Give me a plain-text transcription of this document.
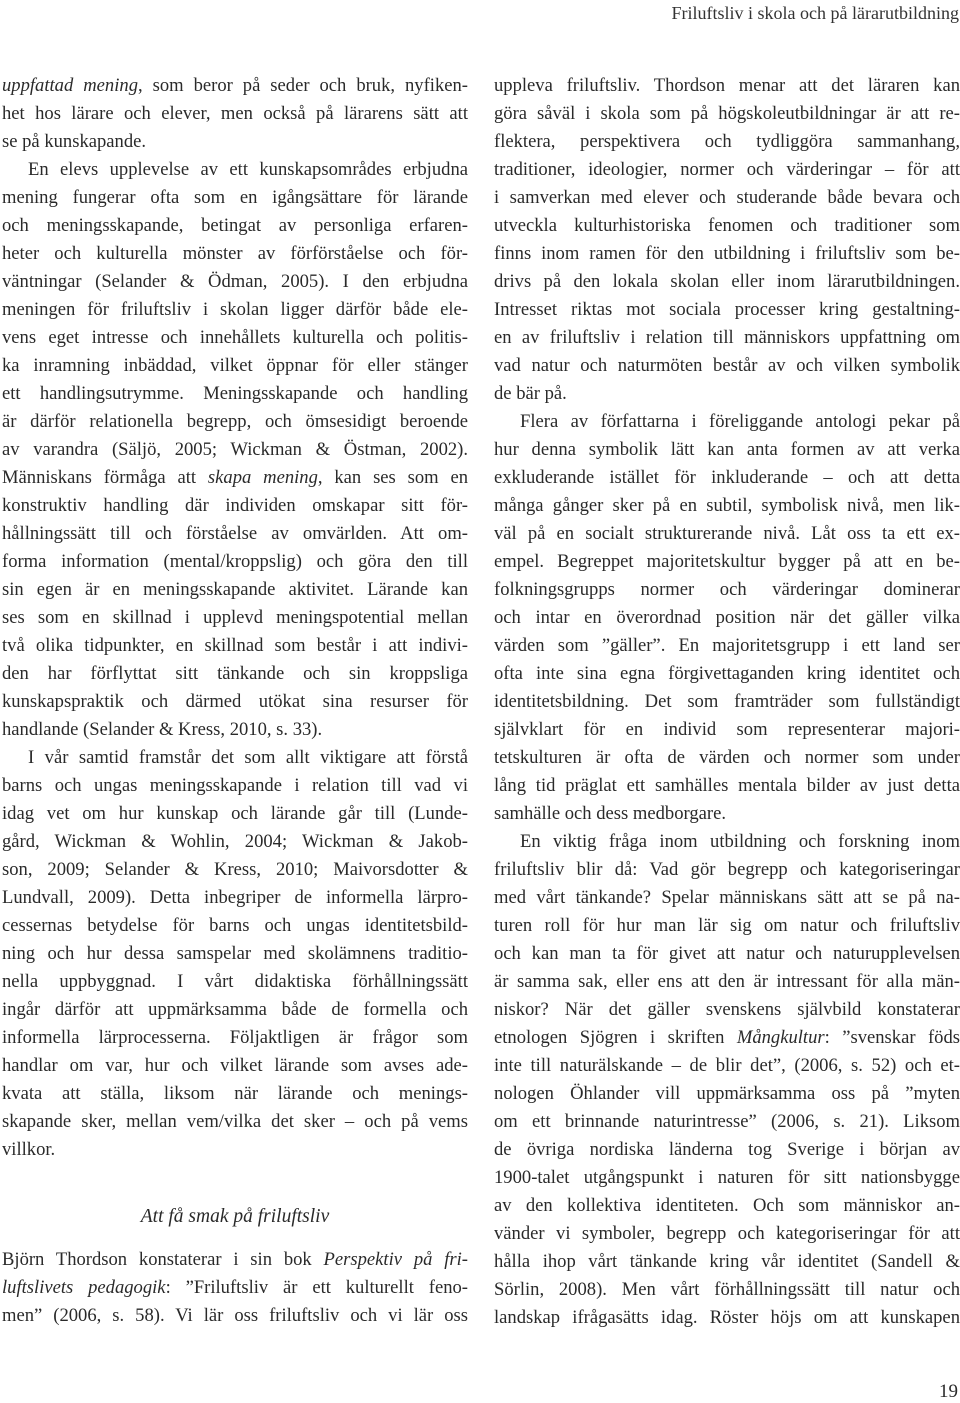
Friluftsliv i skola och på lärarutbildning
uppfattad mening, som beror på seder och bruk, nyfiken-
het hos lärare och elever, men också på lärarens sätt att
se på kunskapande.
En elevs upplevelse av ett kunskapsområdes erbjudna
mening fungerar ofta som en igångsättare för lärande
och meningsskapande, betingat av personliga erfaren-
heter och kulturella mönster av förförståelse och för-
väntningar (Selander & Ödman, 2005). I den erbjudna
meningen för friluftsliv i skolan ligger därför både ele-
vens eget intresse och innehållets kulturella och politis-
ka inramning inbäddad, vilket öppnar för eller stänger
ett handlingsutrymme. Meningsskapande och handling
är därför relationella begrepp, och ömsesidigt beroende
av varandra (Säljö, 2005; Wickman & Östman, 2002).
Människans förmåga att skapa mening, kan ses som en
konstruktiv handling där individen omskapar sitt för-
hållningssätt till och förståelse av omvärlden. Att om-
forma information (mental/kroppslig) och göra den till
sin egen är en meningsskapande aktivitet. Lärande kan
ses som en skillnad i upplevd meningspotential mellan
två olika tidpunkter, en skillnad som består i att indivi-
den har förflyttat sitt tänkande och sin kroppsliga
kunskapspraktik och därmed utökat sina resurser för
handlande (Selander & Kress, 2010, s. 33).
I vår samtid framstår det som allt viktigare att förstå
barns och ungas meningsskapande i relation till vad vi
idag vet om hur kunskap och lärande går till (Lunde-
gård, Wickman & Wohlin, 2004; Wickman & Jakob-
son, 2009; Selander & Kress, 2010; Maivorsdotter &
Lundvall, 2009). Detta inbegriper de informella lärpro-
cessernas betydelse för barns och ungas identitetsbild-
ning och hur dessa samspelar med skolämnens traditio-
nella uppbyggnad. I vårt didaktiska förhållningssätt
ingår därför att uppmärksamma både de formella och
informella lärprocesserna. Följaktligen är frågor som
handlar om var, hur och vilket lärande som avses ade-
kvata att ställa, liksom när lärande och menings-
skapande sker, mellan vem/vilka det sker – och på vems
villkor.
Att få smak på friluftsliv
Björn Thordson konstaterar i sin bok Perspektiv på fri-
luftslivets pedagogik: ”Friluftsliv är ett kulturellt feno-
men” (2006, s. 58). Vi lär oss friluftsliv och vi lär oss
uppleva friluftsliv. Thordson menar att det läraren kan
göra såväl i skola som på högskoleutbildningar är att re-
flektera, perspektivera och tydliggöra sammanhang,
traditioner, ideologier, normer och värderingar – för att
i samverkan med elever och studerande både bevara och
utveckla kulturhistoriska fenomen och traditioner som
finns inom ramen för den utbildning i friluftsliv som be-
drivs på den lokala skolan eller inom lärarutbildningen.
Intresset riktas mot sociala processer kring gestaltning-
en av friluftsliv i relation till människors uppfattning om
vad natur och naturmöten består av och vilken symbolik
de bär på.
Flera av författarna i föreliggande antologi pekar på
hur denna symbolik lätt kan anta formen av att verka
exkluderande istället för inkluderande – och att detta
många gånger sker på en subtil, symbolisk nivå, men lik-
väl på en socialt strukturerande nivå. Låt oss ta ett ex-
empel. Begreppet majoritetskultur bygger på att en be-
folkningsgrupps normer och värderingar dominerar
och intar en överordnad position när det gäller vilka
värden som ”gäller”. En majoritetsgrupp i ett land ser
ofta inte sina egna förgivettaganden kring identitet och
identitetsbildning. Det som framträder som fullständigt
självklart för en individ som representerar majori-
tetskulturen är ofta de värden och normer som under
lång tid präglat ett samhälles mentala bilder av just detta
samhälle och dess medborgare.
En viktig fråga inom utbildning och forskning inom
friluftsliv blir då: Vad gör begrepp och kategoriseringar
med vårt tänkande? Spelar människans sätt att se på na-
turen roll för hur man lär sig om natur och friluftsliv
och kan man ta för givet att natur och naturupplevelsen
är samma sak, eller ens att den är intressant för alla män-
niskor? När det gäller svenskens självbild konstaterar
etnologen Sjögren i skriften Mångkultur: ”svenskar föds
inte till naturälskande – de blir det”, (2006, s. 52) och et-
nologen Öhlander vill uppmärksamma oss på ”myten
om ett brinnande naturintresse” (2006, s. 21). Liksom
de övriga nordiska länderna tog Sverige i början av
1900-talet utgångspunkt i naturen för sitt nationsbygge
av den kollektiva identiteten. Och som människor an-
vänder vi symboler, begrepp och kategoriseringar för att
hålla ihop vårt tänkande kring vår identitet (Sandell &
Sörlin, 2008). Men vårt förhållningssätt till natur och
landskap ifrågasätts idag. Röster höjs om att kunskapen
19
